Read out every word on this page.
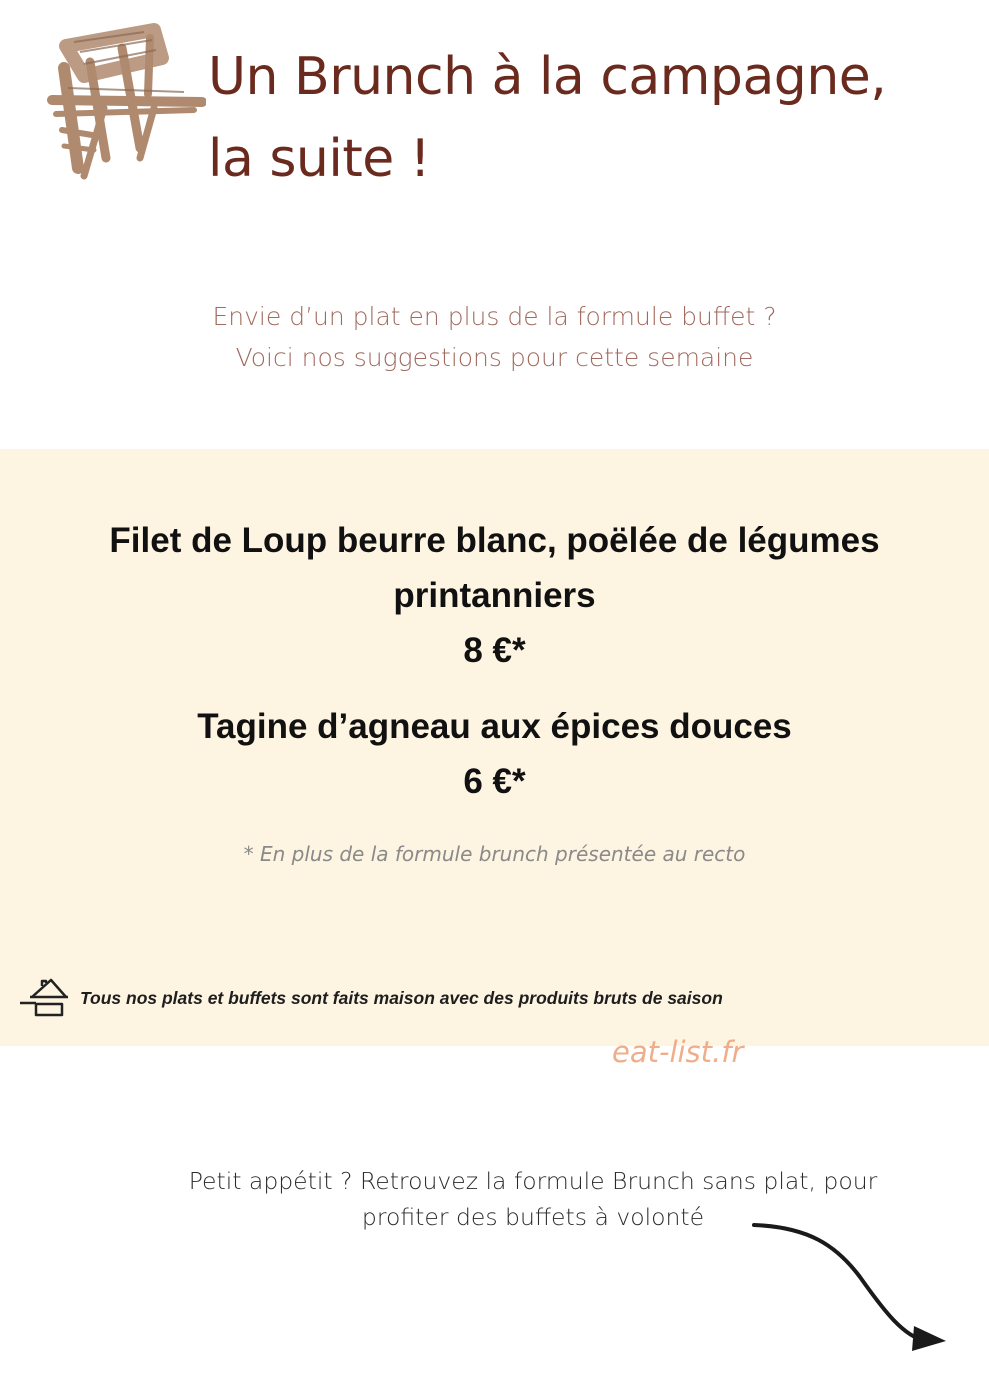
Un Brunch à la campagne,
la suite !
Envie d’un plat en plus de la formule buffet ?
Voici nos suggestions pour cette semaine
Filet de Loup beurre blanc, poëlée de légumes
printanniers
8 €*
Tagine d’agneau aux épices douces
6 €*
* En plus de la formule brunch présentée au recto
Tous nos plats et buffets sont faits maison avec des produits bruts de saison
eat-list.fr
Petit appétit ? Retrouvez la formule Brunch sans plat, pour
profiter des buffets à volonté
